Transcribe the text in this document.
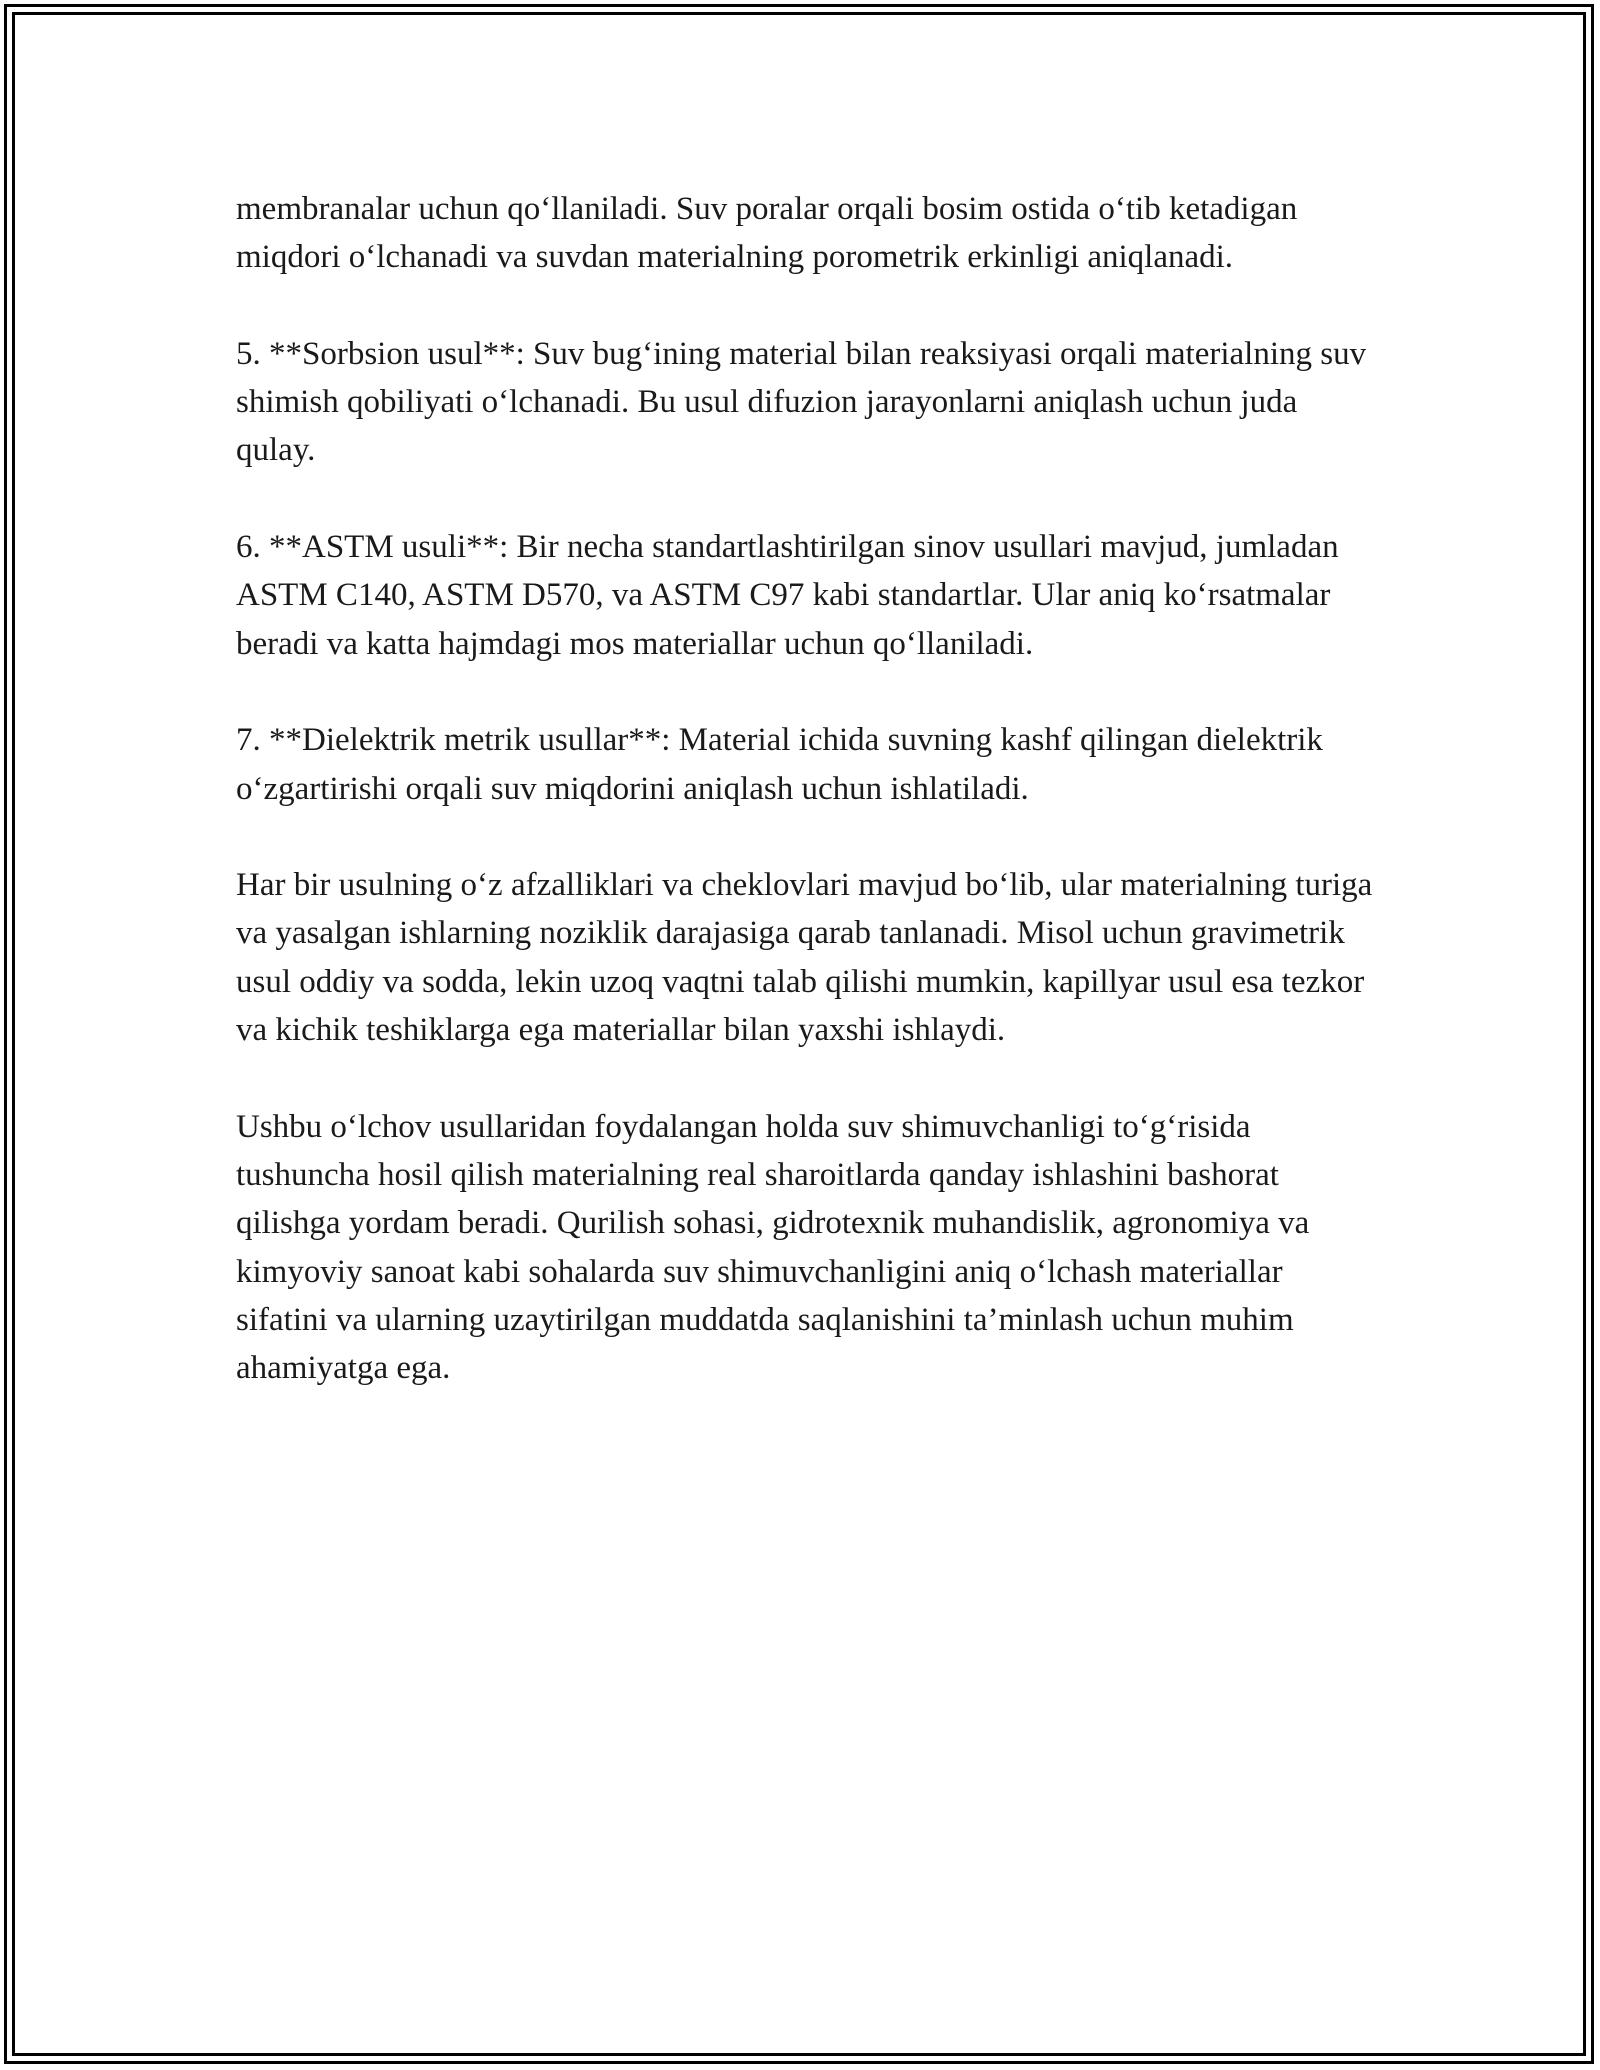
membranalar uchun qo‘llaniladi. Suv poralar orqali bosim ostida o‘tib ketadigan miqdori o‘lchanadi va suvdan materialning porometrik erkinligi aniqlanadi.

5. **Sorbsion usul**: Suv bug‘ining material bilan reaksiyasi orqali materialning suv shimish qobiliyati o‘lchanadi. Bu usul difuzion jarayonlarni aniqlash uchun juda qulay.

6. **ASTM usuli**: Bir necha standartlashtirilgan sinov usullari mavjud, jumladan ASTM C140, ASTM D570, va ASTM C97 kabi standartlar. Ular aniq ko‘rsatmalar beradi va katta hajmdagi mos materiallar uchun qo‘llaniladi.

7. **Dielektrik metrik usullar**: Material ichida suvning kashf qilingan dielektrik o‘zgartirishi orqali suv miqdorini aniqlash uchun ishlatiladi.

Har bir usulning o‘z afzalliklari va cheklovlari mavjud bo‘lib, ular materialning turiga va yasalgan ishlarning noziklik darajasiga qarab tanlanadi. Misol uchun gravimetrik usul oddiy va sodda, lekin uzoq vaqtni talab qilishi mumkin, kapillyar usul esa tezkor va kichik teshiklarga ega materiallar bilan yaxshi ishlaydi.

Ushbu o‘lchov usullaridan foydalangan holda suv shimuvchanligi to‘g‘risida tushuncha hosil qilish materialning real sharoitlarda qanday ishlashini bashorat qilishga yordam beradi. Qurilish sohasi, gidrotexnik muhandislik, agronomiya va kimyoviy sanoat kabi sohalarda suv shimuvchanligini aniq o‘lchash materiallar sifatini va ularning uzaytirilgan muddatda saqlanishini ta’minlash uchun muhim ahamiyatga ega.
